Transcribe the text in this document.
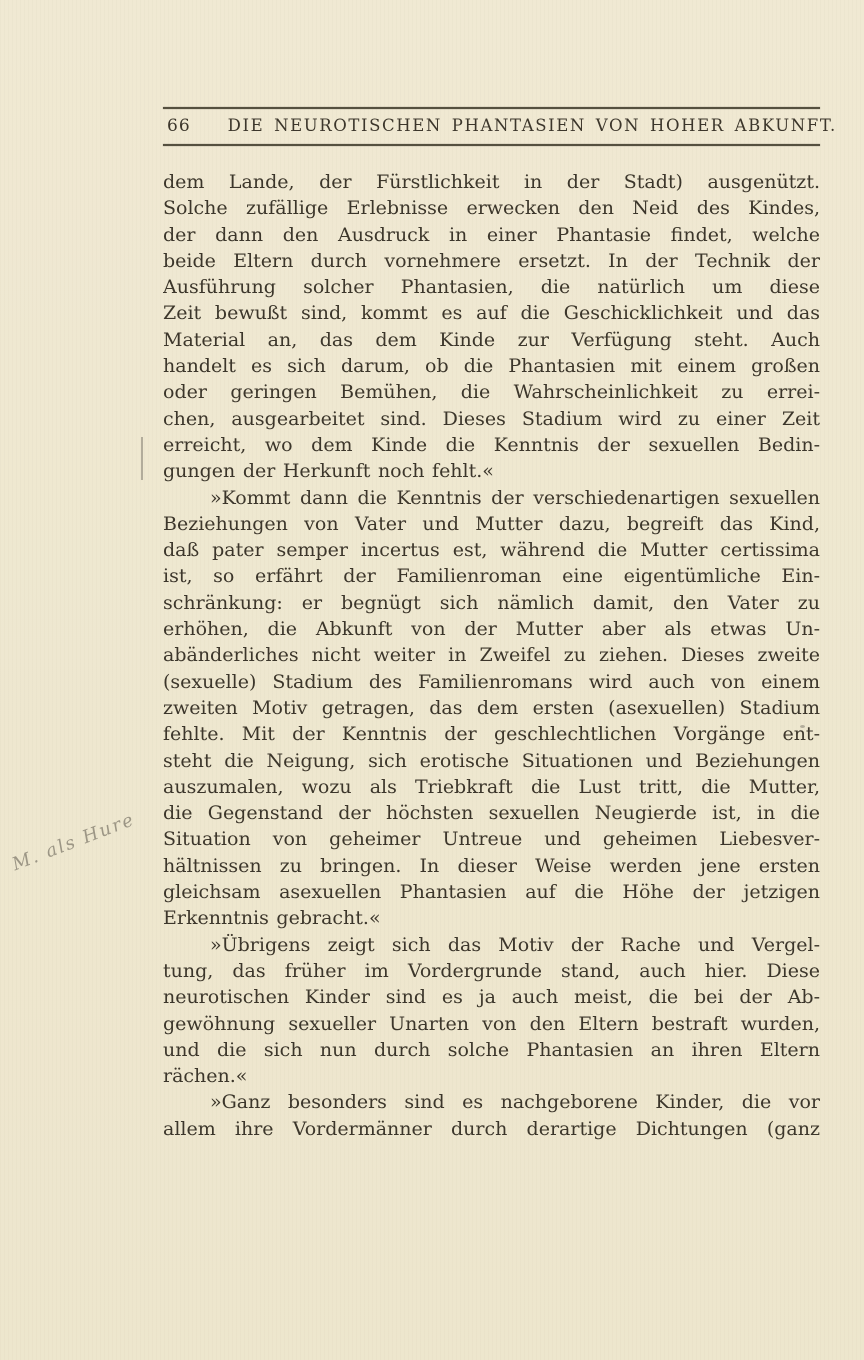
66 DIE NEUROTISCHEN PHANTASIEN VON HOHER ABKUNFT.
dem Lande, der Fürstlichkeit in der Stadt) ausgenützt.
Solche zufällige Erlebnisse erwecken den Neid des Kindes,
der dann den Ausdruck in einer Phantasie findet, welche
beide Eltern durch vornehmere ersetzt. In der Technik der
Ausführung solcher Phantasien, die natürlich um diese
Zeit bewußt sind, kommt es auf die Geschicklichkeit und das
Material an, das dem Kinde zur Verfügung steht. Auch
handelt es sich darum, ob die Phantasien mit einem großen
oder geringen Bemühen, die Wahrscheinlichkeit zu errei-
chen, ausgearbeitet sind. Dieses Stadium wird zu einer Zeit
erreicht, wo dem Kinde die Kenntnis der sexuellen Bedin-
gungen der Herkunft noch fehlt.«
»Kommt dann die Kenntnis der verschiedenartigen sexuellen
Beziehungen von Vater und Mutter dazu, begreift das Kind,
daß pater semper incertus est, während die Mutter certissima
ist, so erfährt der Familienroman eine eigentümliche Ein-
schränkung: er begnügt sich nämlich damit, den Vater zu
erhöhen, die Abkunft von der Mutter aber als etwas Un-
abänderliches nicht weiter in Zweifel zu ziehen. Dieses zweite
(sexuelle) Stadium des Familienromans wird auch von einem
zweiten Motiv getragen, das dem ersten (asexuellen) Stadium
fehlte. Mit der Kenntnis der geschlechtlichen Vorgänge ent-
steht die Neigung, sich erotische Situationen und Beziehungen
auszumalen, wozu als Triebkraft die Lust tritt, die Mutter,
die Gegenstand der höchsten sexuellen Neugierde ist, in die
Situation von geheimer Untreue und geheimen Liebesver-
hältnissen zu bringen. In dieser Weise werden jene ersten
gleichsam asexuellen Phantasien auf die Höhe der jetzigen
Erkenntnis gebracht.«
»Übrigens zeigt sich das Motiv der Rache und Vergel-
tung, das früher im Vordergrunde stand, auch hier. Diese
neurotischen Kinder sind es ja auch meist, die bei der Ab-
gewöhnung sexueller Unarten von den Eltern bestraft wurden,
und die sich nun durch solche Phantasien an ihren Eltern
rächen.«
»Ganz besonders sind es nachgeborene Kinder, die vor
allem ihre Vordermänner durch derartige Dichtungen (ganz
M. als Hure
